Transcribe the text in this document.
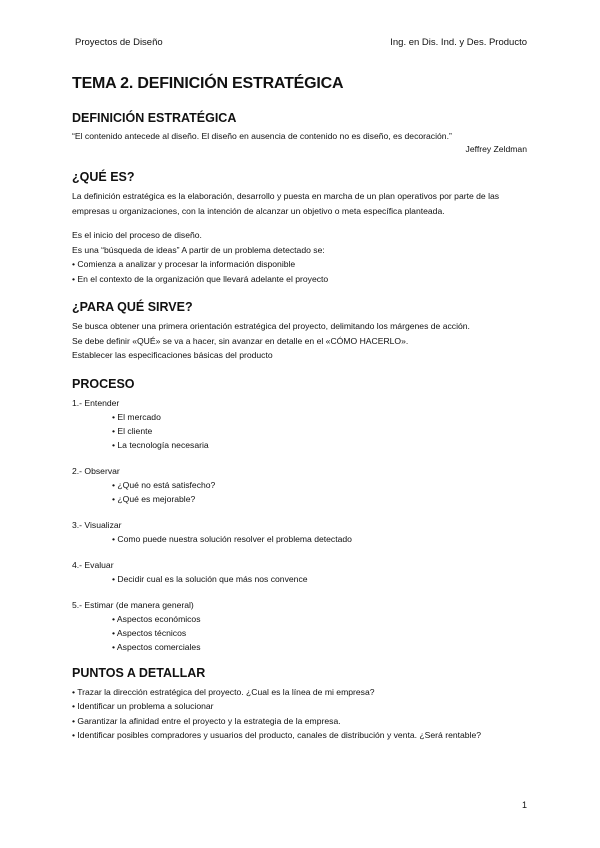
Proyectos de Diseño	Ing. en Dis. Ind. y Des. Producto
TEMA 2. DEFINICIÓN ESTRATÉGICA
DEFINICIÓN ESTRATÉGICA
“El contenido antecede al diseño. El diseño en ausencia de contenido no es diseño, es decoración.”
Jeffrey Zeldman
¿QUÉ ES?

La definición estratégica es la elaboración, desarrollo y puesta en marcha de un plan operativos por parte de las empresas u organizaciones, con la intención de alcanzar un objetivo o meta específica planteada.

Es el inicio del proceso de diseño.

Es una “búsqueda de ideas” A partir de un problema detectado se:

• Comienza a analizar y procesar la información disponible

• En el contexto de la organización que llevará adelante el proyecto

¿PARA QUÉ SIRVE?

Se busca obtener una primera orientación estratégica del proyecto, delimitando los márgenes de acción.

Se debe definir «QUÉ» se va a hacer, sin avanzar en detalle en el «CÓMO HACERLO».

Establecer las especificaciones básicas del producto

PROCESO
1.- Entender
• El mercado
• El cliente
• La tecnología necesaria
2.- Observar
• ¿Qué no está satisfecho?
• ¿Qué es mejorable?
3.- Visualizar
• Como puede nuestra solución resolver el problema detectado
4.- Evaluar
• Decidir cual es la solución que más nos convence
5.- Estimar (de manera general)
• Aspectos económicos
• Aspectos técnicos
• Aspectos comerciales
PUNTOS A DETALLAR

• Trazar la dirección estratégica del proyecto. ¿Cual es la línea de mi empresa?

• Identificar un problema a solucionar

• Garantizar la afinidad entre el proyecto y la estrategia de la empresa.

• Identificar posibles compradores y usuarios del producto, canales de distribución y venta. ¿Será rentable?

1
